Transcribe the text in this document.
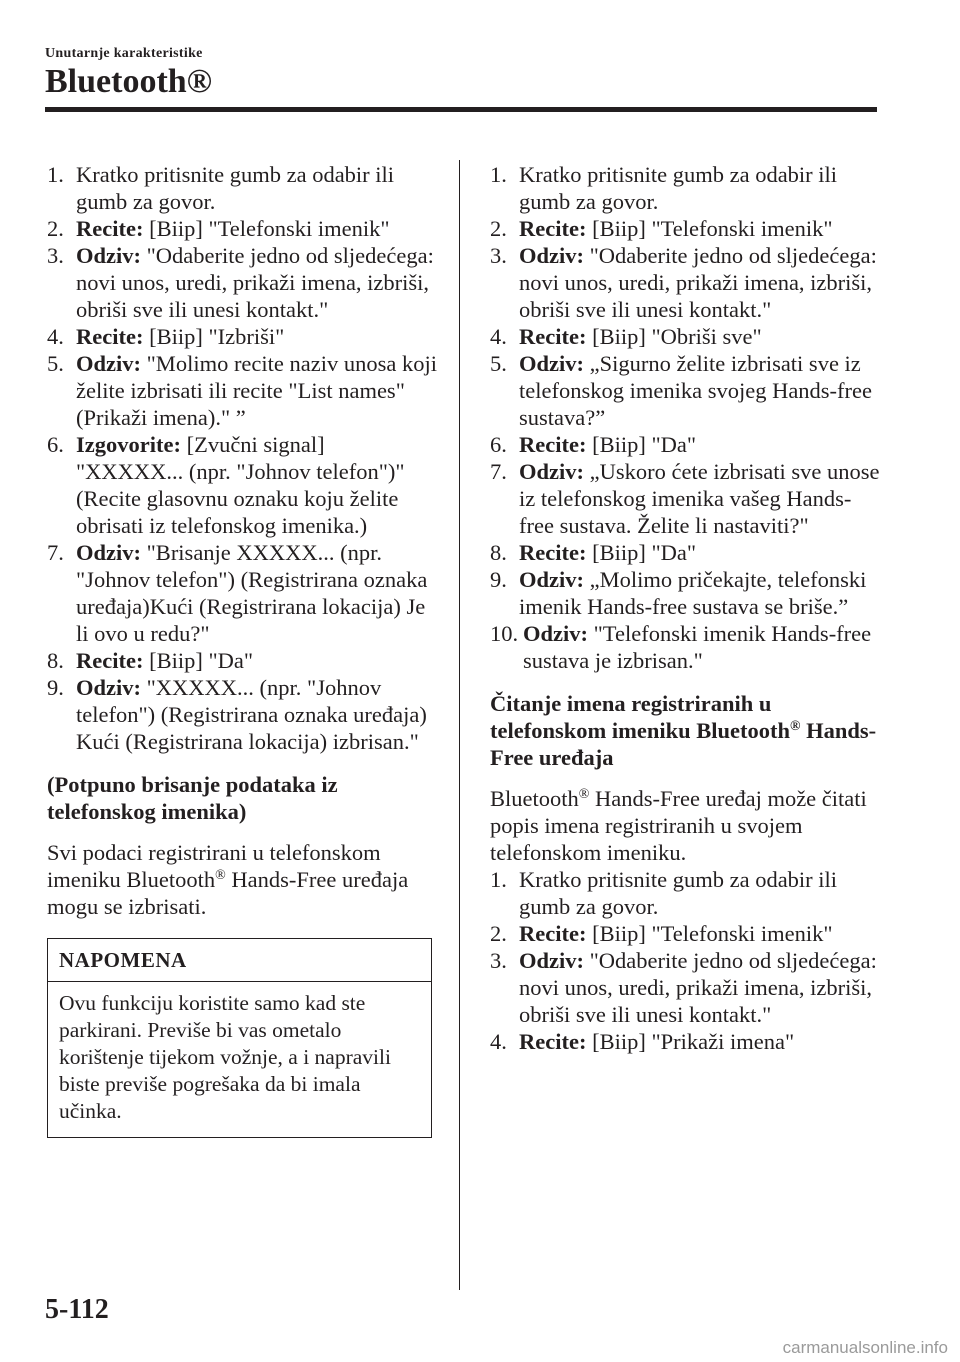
Unutarnje karakteristike
Bluetooth®
1. Kratko pritisnite gumb za odabir ili gumb za govor.
2. Recite: [Biip] "Telefonski imenik"
3. Odziv: "Odaberite jedno od sljedećega: novi unos, uredi, prikaži imena, izbriši, obriši sve ili unesi kontakt."
4. Recite: [Biip] "Izbriši"
5. Odziv: "Molimo recite naziv unosa koji želite izbrisati ili recite "List names" (Prikaži imena)." ”
6. Izgovorite: [Zvučni signal] "XXXXX... (npr. "Johnov telefon")" (Recite glasovnu oznaku koju želite obrisati iz telefonskog imenika.)
7. Odziv: "Brisanje XXXXX... (npr. "Johnov telefon") (Registrirana oznaka uređaja)Kući (Registrirana lokacija) Je li ovo u redu?"
8. Recite: [Biip] "Da"
9. Odziv: "XXXXX... (npr. "Johnov telefon") (Registrirana oznaka uređaja) Kući (Registrirana lokacija) izbrisan."
(Potpuno brisanje podataka iz telefonskog imenika)
Svi podaci registrirani u telefonskom imeniku Bluetooth® Hands-Free uređaja mogu se izbrisati.
NAPOMENA
Ovu funkciju koristite samo kad ste parkirani. Previše bi vas ometalo korištenje tijekom vožnje, a i napravili biste previše pogrešaka da bi imala učinka.
1. Kratko pritisnite gumb za odabir ili gumb za govor.
2. Recite: [Biip] "Telefonski imenik"
3. Odziv: "Odaberite jedno od sljedećega: novi unos, uredi, prikaži imena, izbriši, obriši sve ili unesi kontakt."
4. Recite: [Biip] "Obriši sve"
5. Odziv: „Sigurno želite izbrisati sve iz telefonskog imenika svojeg Hands-free sustava?”
6. Recite: [Biip] "Da"
7. Odziv: „Uskoro ćete izbrisati sve unose iz telefonskog imenika vašeg Hands-free sustava. Želite li nastaviti?"
8. Recite: [Biip] "Da"
9. Odziv: „Molimo pričekajte, telefonski imenik Hands-free sustava se briše.”
10. Odziv: "Telefonski imenik Hands-free sustava je izbrisan."
Čitanje imena registriranih u telefonskom imeniku Bluetooth® Hands-Free uređaja
Bluetooth® Hands-Free uređaj može čitati popis imena registriranih u svojem telefonskom imeniku.
1. Kratko pritisnite gumb za odabir ili gumb za govor.
2. Recite: [Biip] "Telefonski imenik"
3. Odziv: "Odaberite jedno od sljedećega: novi unos, uredi, prikaži imena, izbriši, obriši sve ili unesi kontakt."
4. Recite: [Biip] "Prikaži imena"
5-112
carmanualsonline.info
